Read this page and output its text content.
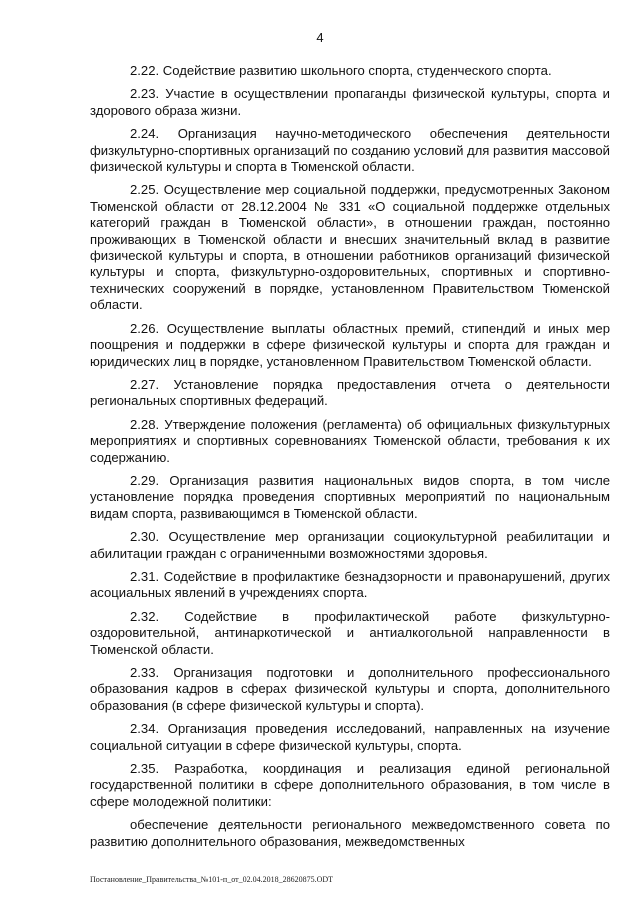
4

2.22. Содействие развитию школьного спорта, студенческого спорта.

2.23. Участие в осуществлении пропаганды физической культуры, спорта и здорового образа жизни.

2.24. Организация научно-методического обеспечения деятельности физкультурно-спортивных организаций по созданию условий для развития массовой физической культуры и спорта в Тюменской области.

2.25. Осуществление мер социальной поддержки, предусмотренных Законом Тюменской области от 28.12.2004 № 331 «О социальной поддержке отдельных категорий граждан в Тюменской области», в отношении граждан, постоянно проживающих в Тюменской области и внесших значительный вклад в развитие физической культуры и спорта, в отношении работников организаций физической культуры и спорта, физкультурно-оздоровительных, спортивных и спортивно-технических сооружений в порядке, установленном Правительством Тюменской области.

2.26. Осуществление выплаты областных премий, стипендий и иных мер поощрения и поддержки в сфере физической культуры и спорта для граждан и юридических лиц в порядке, установленном Правительством Тюменской области.

2.27. Установление порядка предоставления отчета о деятельности региональных спортивных федераций.

2.28. Утверждение положения (регламента) об официальных физкультурных мероприятиях и спортивных соревнованиях Тюменской области, требования к их содержанию.

2.29. Организация развития национальных видов спорта, в том числе установление порядка проведения спортивных мероприятий по национальным видам спорта, развивающимся в Тюменской области.

2.30. Осуществление мер организации социокультурной реабилитации и абилитации граждан с ограниченными возможностями здоровья.

2.31. Содействие в профилактике безнадзорности и правонарушений, других асоциальных явлений в учреждениях спорта.

2.32. Содействие в профилактической работе физкультурно-оздоровительной, антинаркотической и антиалкогольной направленности в Тюменской области.

2.33. Организация подготовки и дополнительного профессионального образования кадров в сферах физической культуры и спорта, дополнительного образования (в сфере физической культуры и спорта).

2.34. Организация проведения исследований, направленных на изучение социальной ситуации в сфере физической культуры, спорта.

2.35. Разработка, координация и реализация единой региональной государственной политики в сфере дополнительного образования, в том числе в сфере молодежной политики:

обеспечение деятельности регионального межведомственного совета по развитию дополнительного образования, межведомственных

Постановление_Правительства_№101-п_от_02.04.2018_28620875.ODT
